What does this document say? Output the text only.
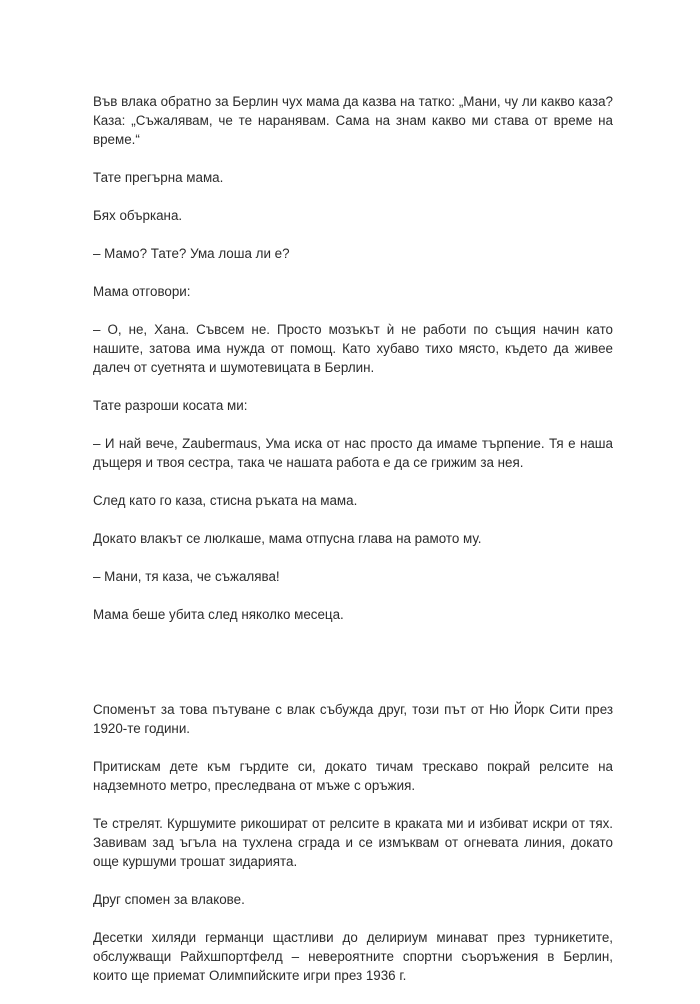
Във влака обратно за Берлин чух мама да казва на татко: „Мани, чу ли какво каза? Каза: „Съжалявам, че те наранявам. Сама на знам какво ми става от време на време.“

Тате прегърна мама.

Бях объркана.

– Мамо? Тате? Ума лоша ли е?

Мама отговори:

– О, не, Хана. Съвсем не. Просто мозъкът ѝ не работи по същия начин като нашите, затова има нужда от помощ. Като хубаво тихо място, където да живее далеч от суетнята и шумотевицата в Берлин.

Тате разроши косата ми:

– И най вече, Zaubermaus, Ума иска от нас просто да имаме търпение. Тя е наша дъщеря и твоя сестра, така че нашата работа е да се грижим за нея.

След като го каза, стисна ръката на мама.

Докато влакът се люлкаше, мама отпусна глава на рамото му.

– Мани, тя каза, че съжалява!

Мама беше убита след няколко месеца.

Споменът за това пътуване с влак събужда друг, този път от Ню Йорк Сити през 1920-те години.

Притискам дете към гърдите си, докато тичам трескаво покрай релсите на надземното метро, преследвана от мъже с оръжия.

Те стрелят. Куршумите рикошират от релсите в краката ми и избиват искри от тях. Завивам зад ъгъла на тухлена сграда и се измъквам от огневата линия, докато още куршуми трошат зидарията.

Друг спомен за влакове.

Десетки хиляди германци щастливи до делириум минават през турникетите, обслужващи Райхшпортфелд – невероятните спортни съоръжения в Берлин, които ще приемат Олимпийските игри през 1936 г.
